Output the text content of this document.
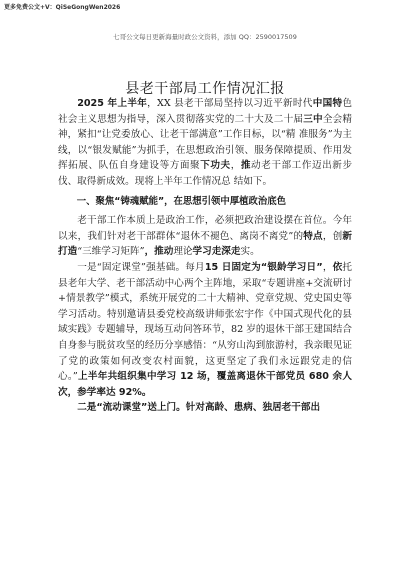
更多免费公文+V：QiSeGongWen2026
七哥公文每日更新海量时政公文资料，添加 QQ：2590017509
县老干部局工作情况汇报

2025 年上半年，XX 县老干部局坚持以习近平新时代中国特色社会主义思想为指导，深入贯彻落实党的二十大及二十届三中全会精神，紧扣“让党委放心、让老干部满意”工作目标，以“精 准服务”为主线，以“银发赋能”为抓手，在思想政治引领、服务保障提质、作用发挥拓展、队伍自身建设等方面聚下功夫，推动老干部工作迈出新步伐、取得新成效。现将上半年工作情况总 结如下。

一、聚焦“铸魂赋能”，在思想引领中厚植政治底色

老干部工作本质上是政治工作，必须把政治建设摆在首位。今年以来，我们针对老干部群体“退休不褪色、离岗不离党”的特点，创新打造“三维学习矩阵”，推动理论学习走深走实。

一是“固定课堂”强基础。每月15 日固定为“银龄学习日”，依托县老年大学、老干部活动中心两个主阵地，采取“专题讲座+交流研讨+情景教学”模式，系统开展党的二十大精神、党章党规、党史国史等学习活动。特别邀请县委党校高级讲师张宏宇作《中国式现代化的县域实践》专题辅导，现场互动问答环节，82 岁的退休干部王建国结合自身参与脱贫攻坚的经历分享感悟：“从穷山沟到旅游村，我亲眼见证了党的政策如何改变农村面貌，这更坚定了我们永远跟党走的信心。”上半年共组织集中学习 12 场，覆盖离退休干部党员 680 余人次，参学率达 92%。

二是“流动课堂”送上门。针对高龄、患病、独居老干部出
